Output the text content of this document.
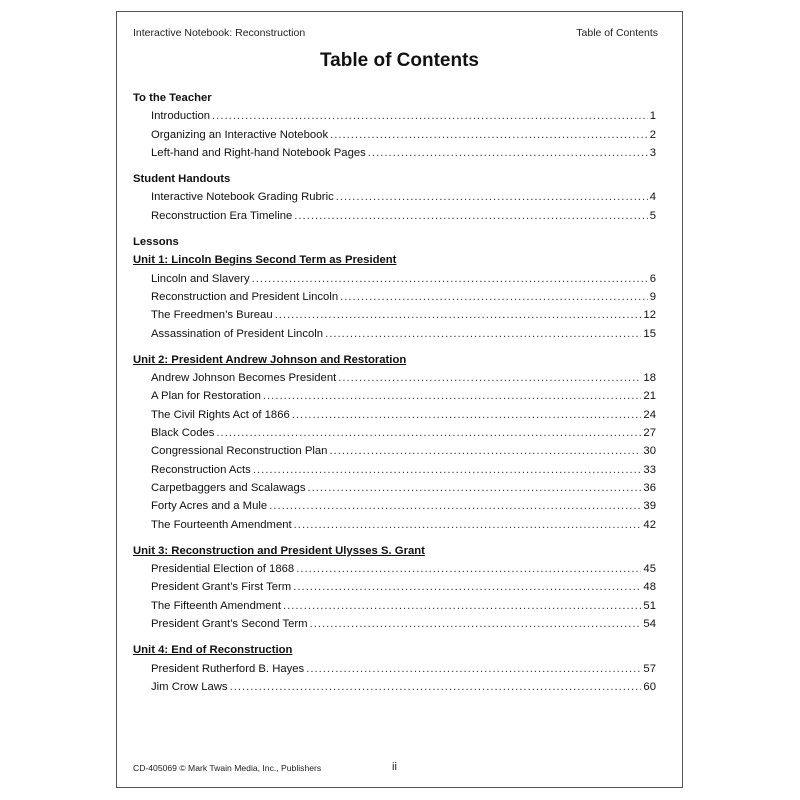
Interactive Notebook: Reconstruction	Table of Contents
Table of Contents
To the Teacher
Introduction .....	1
Organizing an Interactive Notebook .....	2
Left-hand and Right-hand Notebook Pages .....	3
Student Handouts
Interactive Notebook Grading Rubric .....	4
Reconstruction Era Timeline .....	5
Lessons
Unit 1: Lincoln Begins Second Term as President
Lincoln and Slavery .....	6
Reconstruction and President Lincoln .....	9
The Freedmen’s Bureau .....	12
Assassination of President Lincoln .....	15
Unit 2: President Andrew Johnson and Restoration
Andrew Johnson Becomes President .....	18
A Plan for Restoration .....	21
The Civil Rights Act of 1866 .....	24
Black Codes .....	27
Congressional Reconstruction Plan .....	30
Reconstruction Acts .....	33
Carpetbaggers and Scalawags .....	36
Forty Acres and a Mule .....	39
The Fourteenth Amendment .....	42
Unit 3: Reconstruction and President Ulysses S. Grant
Presidential Election of 1868 .....	45
President Grant’s First Term .....	48
The Fifteenth Amendment .....	51
President Grant’s Second Term .....	54
Unit 4: End of Reconstruction
President Rutherford B. Hayes .....	57
Jim Crow Laws .....	60
CD-405069 © Mark Twain Media, Inc., Publishers	ii
